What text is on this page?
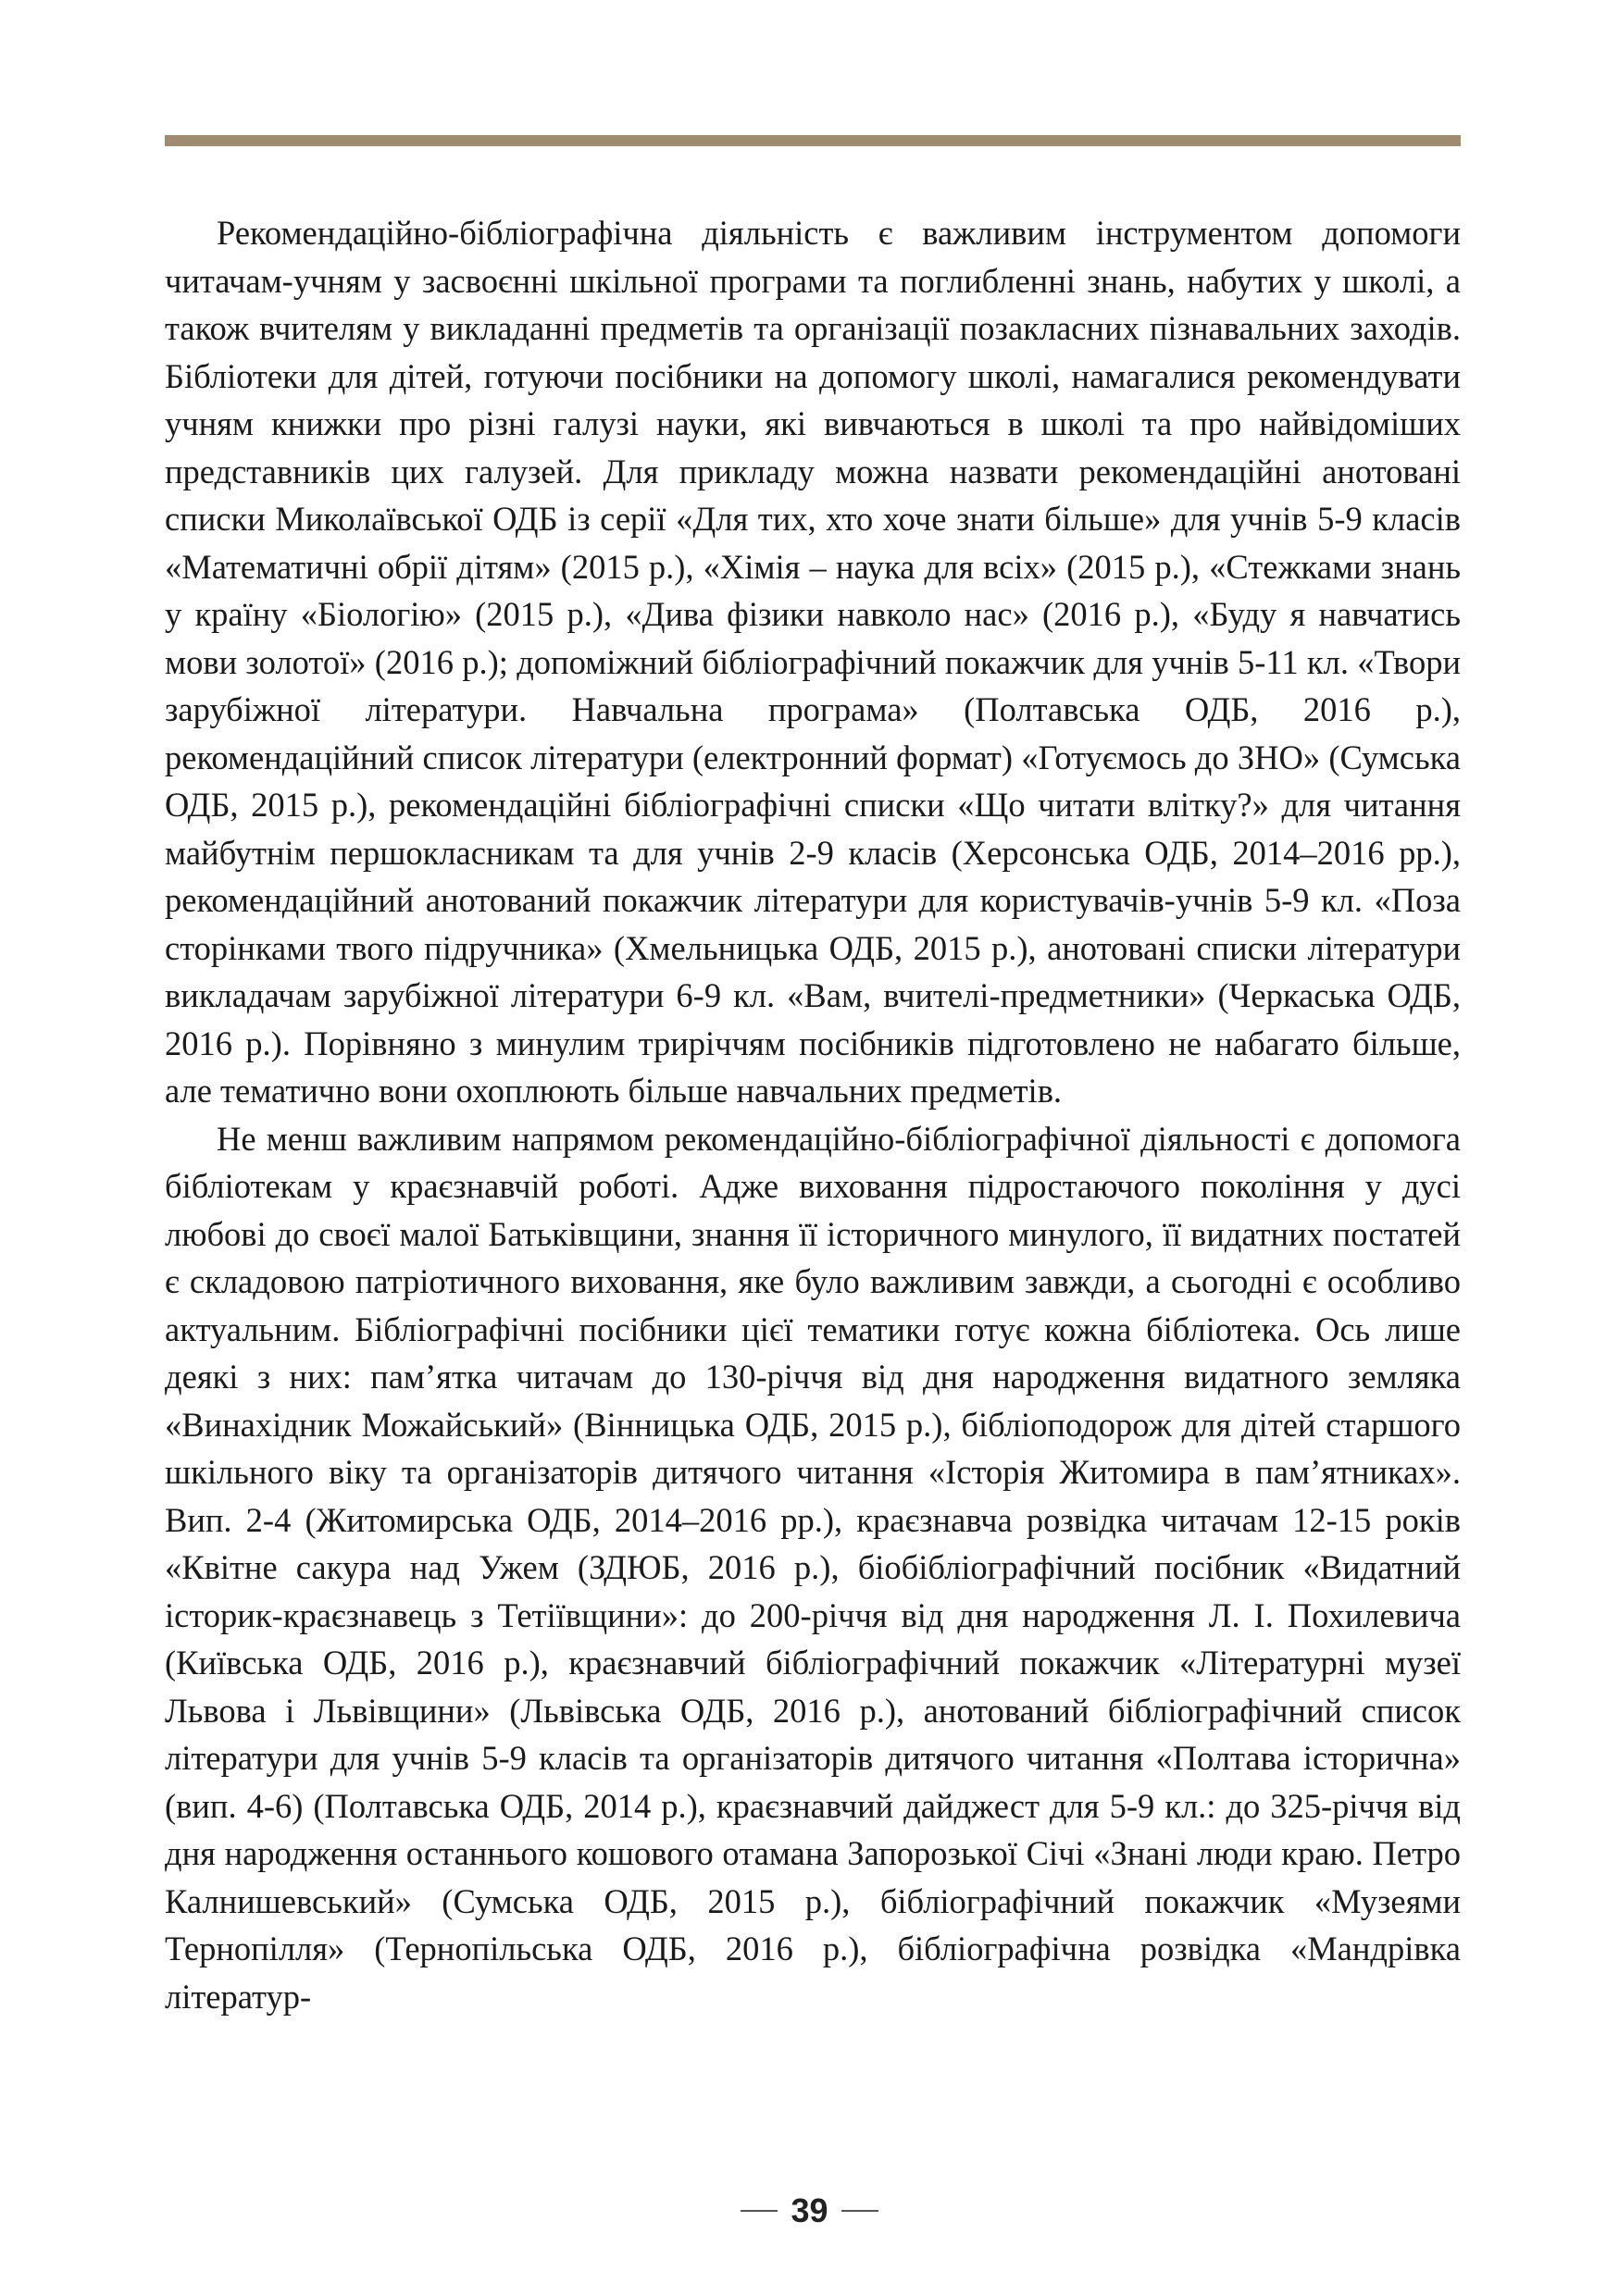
Рекомендаційно-бібліографічна діяльність є важливим інструментом допомоги читачам-учням у засвоєнні шкільної програми та поглибленні знань, набутих у школі, а також вчителям у викладанні предметів та організації позакласних пізнавальних заходів. Бібліотеки для дітей, готуючи посібники на допомогу школі, намагалися рекомендувати учням книжки про різні галузі науки, які вивчаються в школі та про найвідоміших представників цих галузей. Для прикладу можна назвати рекомендаційні анотовані списки Миколаївської ОДБ із серії «Для тих, хто хоче знати більше» для учнів 5-9 класів «Математичні обрії дітям» (2015 р.), «Хімія – наука для всіх» (2015 р.), «Стежками знань у країну «Біологію» (2015 р.), «Дива фізики навколо нас» (2016 р.), «Буду я навчатись мови золотої» (2016 р.); допоміжний бібліографічний покажчик для учнів 5-11 кл. «Твори зарубіжної літератури. Навчальна програма» (Полтавська ОДБ, 2016 р.), рекомендаційний список літератури (електронний формат) «Готуємось до ЗНО» (Сумська ОДБ, 2015 р.), рекомендаційні бібліографічні списки «Що читати влітку?» для читання майбутнім першокласникам та для учнів 2-9 класів (Херсонська ОДБ, 2014–2016 рр.), рекомендаційний анотований покажчик літератури для користувачів-учнів 5-9 кл. «Поза сторінками твого підручника» (Хмельницька ОДБ, 2015 р.), анотовані списки літератури викладачам зарубіжної літератури 6-9 кл. «Вам, вчителі-предметники» (Черкаська ОДБ, 2016 р.). Порівняно з минулим триріччям посібників підготовлено не набагато більше, але тематично вони охоплюють більше навчальних предметів.

Не менш важливим напрямом рекомендаційно-бібліографічної діяльності є допомога бібліотекам у краєзнавчій роботі. Адже виховання підростаючого покоління у дусі любові до своєї малої Батьківщини, знання її історичного минулого, її видатних постатей є складовою патріотичного виховання, яке було важливим завжди, а сьогодні є особливо актуальним. Бібліографічні посібники цієї тематики готує кожна бібліотека. Ось лише деякі з них: пам’ятка читачам до 130-річчя від дня народження видатного земляка «Винахідник Можайський» (Вінницька ОДБ, 2015 р.), бібліоподорож для дітей старшого шкільного віку та організаторів дитячого читання «Історія Житомира в пам’ятниках». Вип. 2-4 (Житомирська ОДБ, 2014–2016 рр.), краєзнавча розвідка читачам 12-15 років «Квітне сакура над Ужем (ЗДЮБ, 2016 р.), біобібліографічний посібник «Видатний історик-краєзнавець з Тетіївщини»: до 200-річчя від дня народження Л. І. Похилевича (Київська ОДБ, 2016 р.), краєзнавчий бібліографічний покажчик «Літературні музеї Львова і Львівщини» (Львівська ОДБ, 2016 р.), анотований бібліографічний список літератури для учнів 5-9 класів та організаторів дитячого читання «Полтава історична» (вип. 4-6) (Полтавська ОДБ, 2014 р.), краєзнавчий дайджест для 5-9 кл.: до 325-річчя від дня народження останнього кошового отамана Запорозької Січі «Знані люди краю. Петро Калнишевський» (Сумська ОДБ, 2015 р.), бібліографічний покажчик «Музеями Тернопілля» (Тернопільська ОДБ, 2016 р.), бібліографічна розвідка «Мандрівка літератур-

39
